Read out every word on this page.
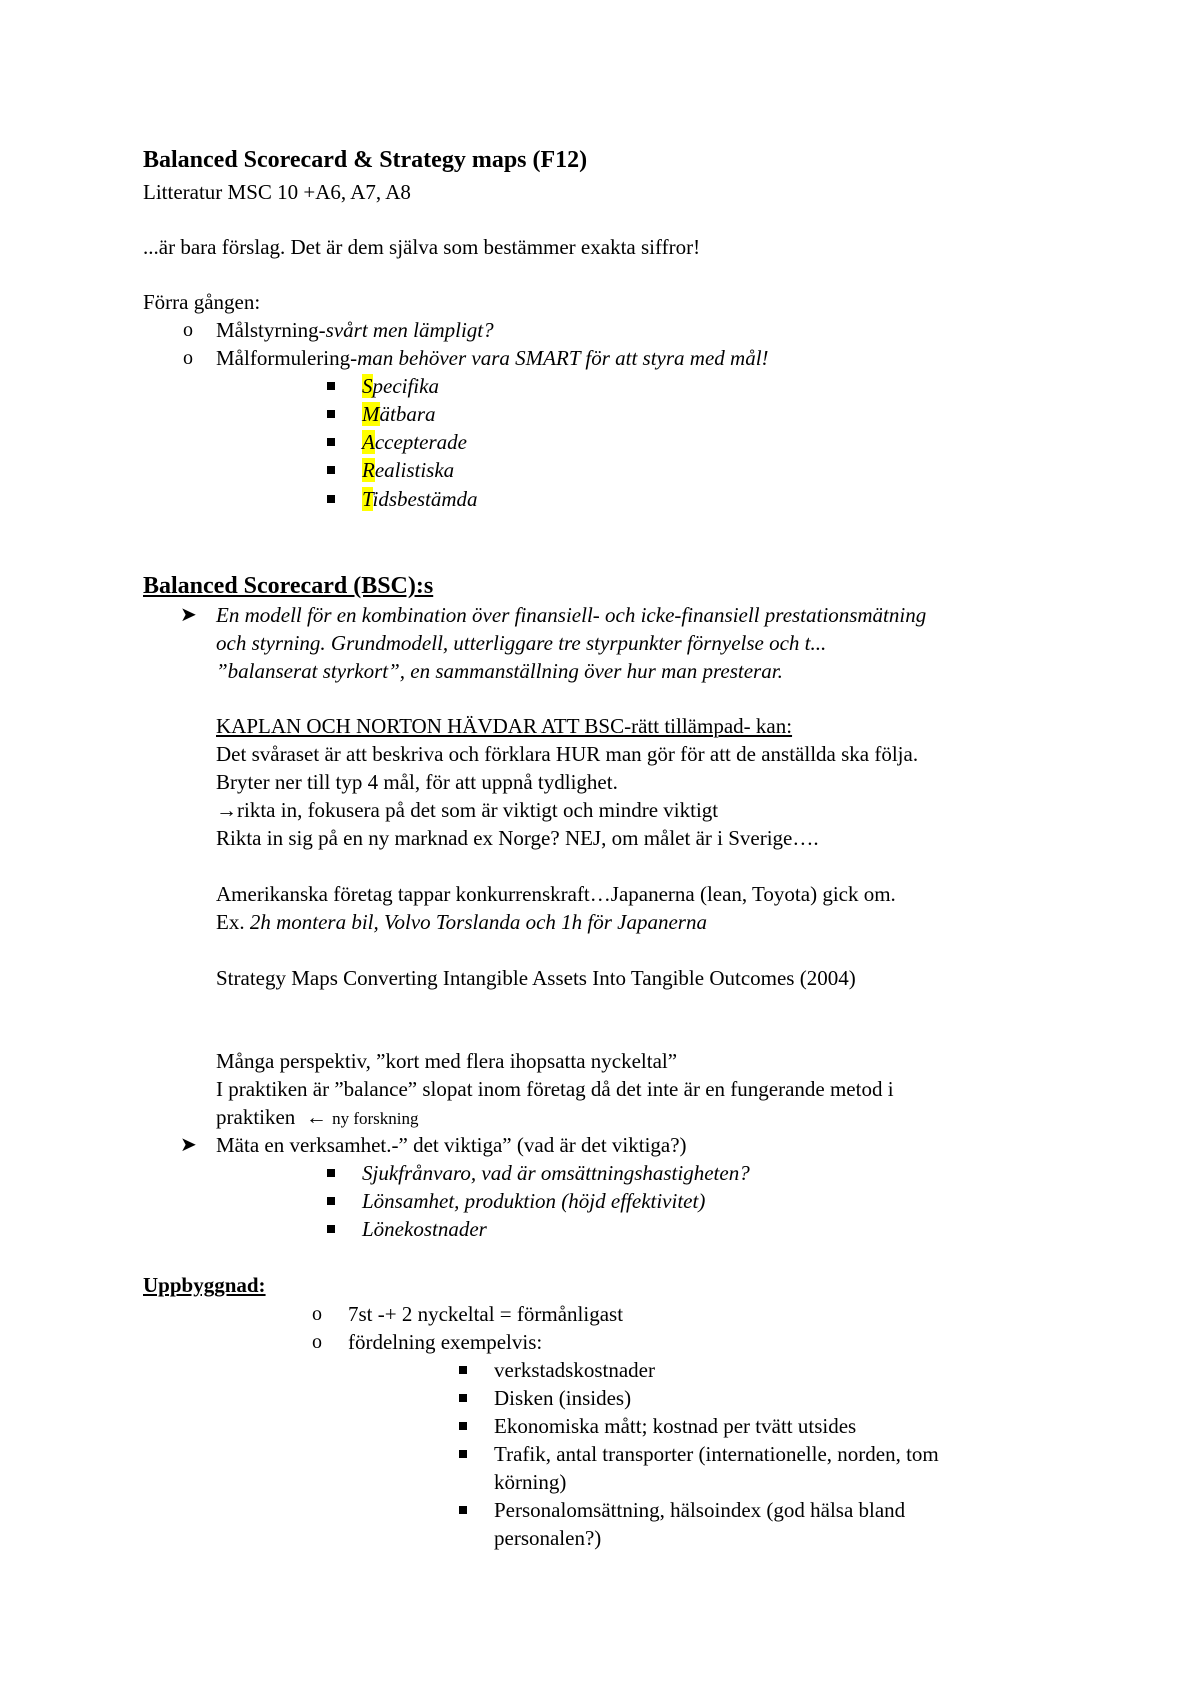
Balanced Scorecard & Strategy maps (F12)
Litteratur MSC 10 +A6, A7, A8
...är bara förslag. Det är dem själva som bestämmer exakta siffror!
Förra gången:
o Målstyrning-svårt men lämpligt?
o Målformulering-man behöver vara SMART för att styra med mål!
Specifika
Mätbara
Accepterade
Realistiska
Tidsbestämda
Balanced Scorecard (BSC):s
➤ En modell för en kombination över finansiell- och icke-finansiell prestationsmätning
och styrning. Grundmodell, utterliggare tre styrpunkter förnyelse och t...
”balanserat styrkort”, en sammanställning över hur man presterar.
KAPLAN OCH NORTON HÄVDAR ATT BSC-rätt tillämpad- kan:
Det svåraset är att beskriva och förklara HUR man gör för att de anställda ska följa.
Bryter ner till typ 4 mål, för att uppnå tydlighet.
→rikta in, fokusera på det som är viktigt och mindre viktigt
Rikta in sig på en ny marknad ex Norge? NEJ, om målet är i Sverige….
Amerikanska företag tappar konkurrenskraft…Japanerna (lean, Toyota) gick om.
Ex. 2h montera bil, Volvo Torslanda och 1h för Japanerna
Strategy Maps Converting Intangible Assets Into Tangible Outcomes (2004)
Många perspektiv, ”kort med flera ihopsatta nyckeltal”
I praktiken är ”balance” slopat inom företag då det inte är en fungerande metod i
praktiken ← ny forskning
➤ Mäta en verksamhet.-” det viktiga” (vad är det viktiga?)
Sjukfrånvaro, vad är omsättningshastigheten?
Lönsamhet, produktion (höjd effektivitet)
Lönekostnader
Uppbyggnad:
o 7st -+ 2 nyckeltal = förmånligast
o fördelning exempelvis:
verkstadskostnader
Disken (insides)
Ekonomiska mått; kostnad per tvätt utsides
Trafik, antal transporter (internationelle, norden, tom
körning)
Personalomsättning, hälsoindex (god hälsa bland
personalen?)
